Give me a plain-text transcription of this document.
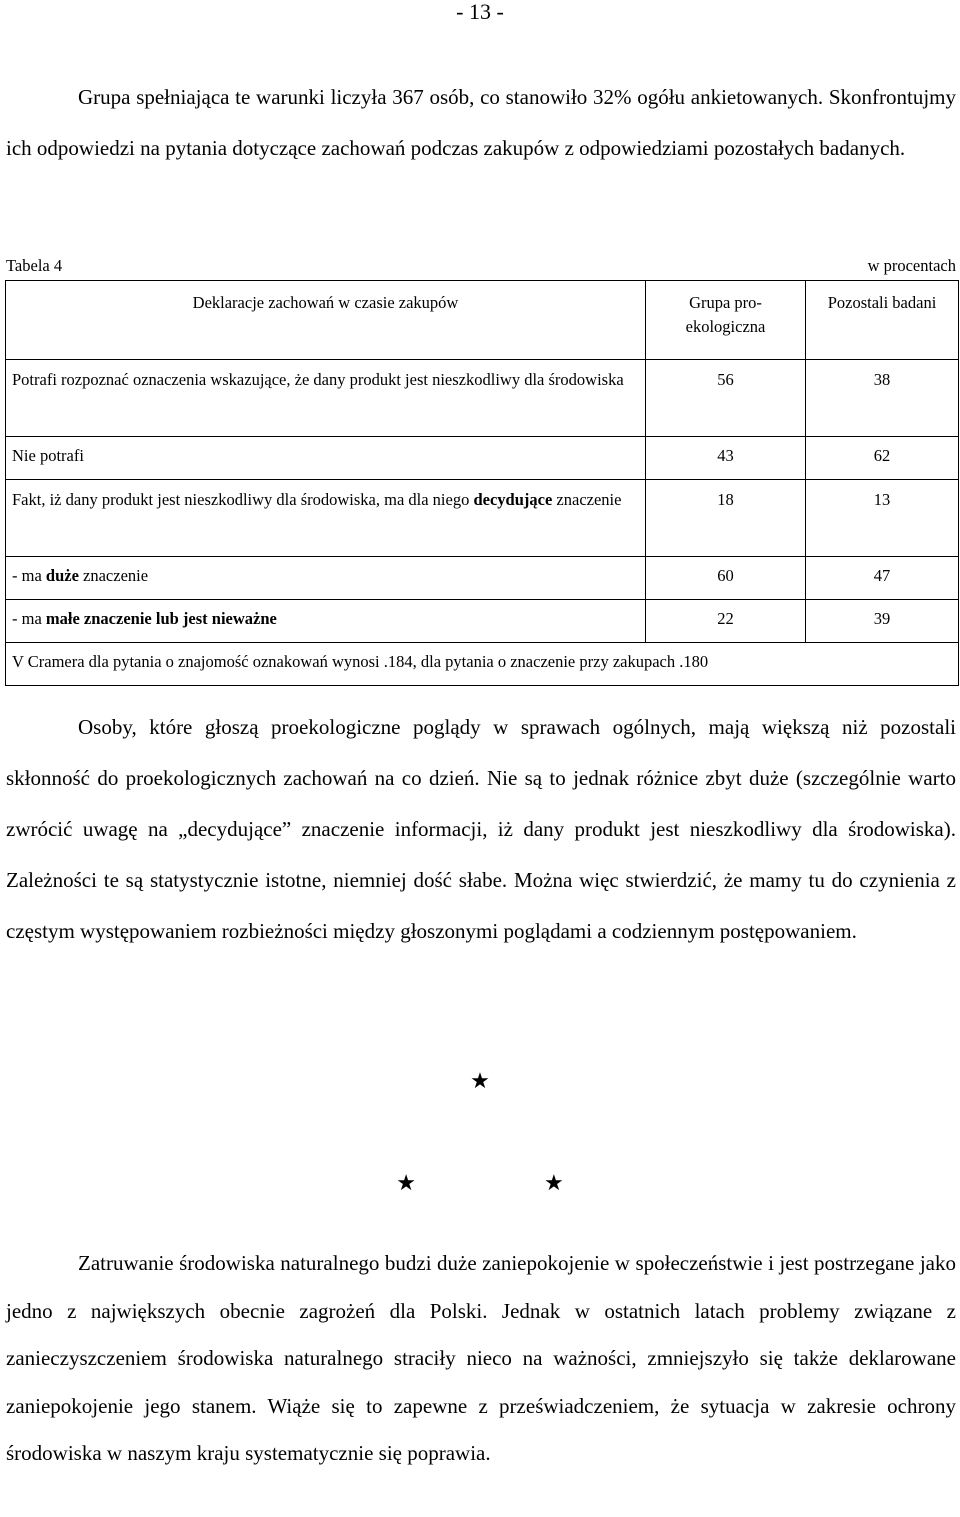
- 13 -

Grupa spełniająca te warunki liczyła 367 osób, co stanowiło 32% ogółu ankietowanych. Skonfrontujmy ich odpowiedzi na pytania dotyczące zachowań podczas zakupów z odpowiedziami pozostałych badanych.

Tabela 4	w procentach
Deklaracje zachowań w czasie zakupów	Grupa pro-ekologiczna	Pozostali badani
Potrafi rozpoznać oznaczenia wskazujące, że dany produkt jest nieszkodliwy dla środowiska	56	38
Nie potrafi	43	62
Fakt, iż dany produkt jest nieszkodliwy dla środowiska, ma dla niego decydujące znaczenie	18	13
- ma duże znaczenie	60	47
- ma małe znaczenie lub jest nieważne	22	39
V Cramera dla pytania o znajomość oznakowań wynosi .184, dla pytania o znaczenie przy zakupach .180		

Osoby, które głoszą proekologiczne poglądy w sprawach ogólnych, mają większą niż pozostali skłonność do proekologicznych zachowań na co dzień. Nie są to jednak różnice zbyt duże (szczególnie warto zwrócić uwagę na „decydujące” znaczenie informacji, iż dany produkt jest nieszkodliwy dla środowiska). Zależności te są statystycznie istotne, niemniej dość słabe. Można więc stwierdzić, że mamy tu do czynienia z częstym występowaniem rozbieżności między głoszonymi poglądami a codziennym postępowaniem.

★
★	★

Zatruwanie środowiska naturalnego budzi duże zaniepokojenie w społeczeństwie i jest postrzegane jako jedno z największych obecnie zagrożeń dla Polski. Jednak w ostatnich latach problemy związane z zanieczyszczeniem środowiska naturalnego straciły nieco na ważności, zmniejszyło się także deklarowane zaniepokojenie jego stanem. Wiąże się to zapewne z przeświadczeniem, że sytuacja w zakresie ochrony środowiska w naszym kraju systematycznie się poprawia.
